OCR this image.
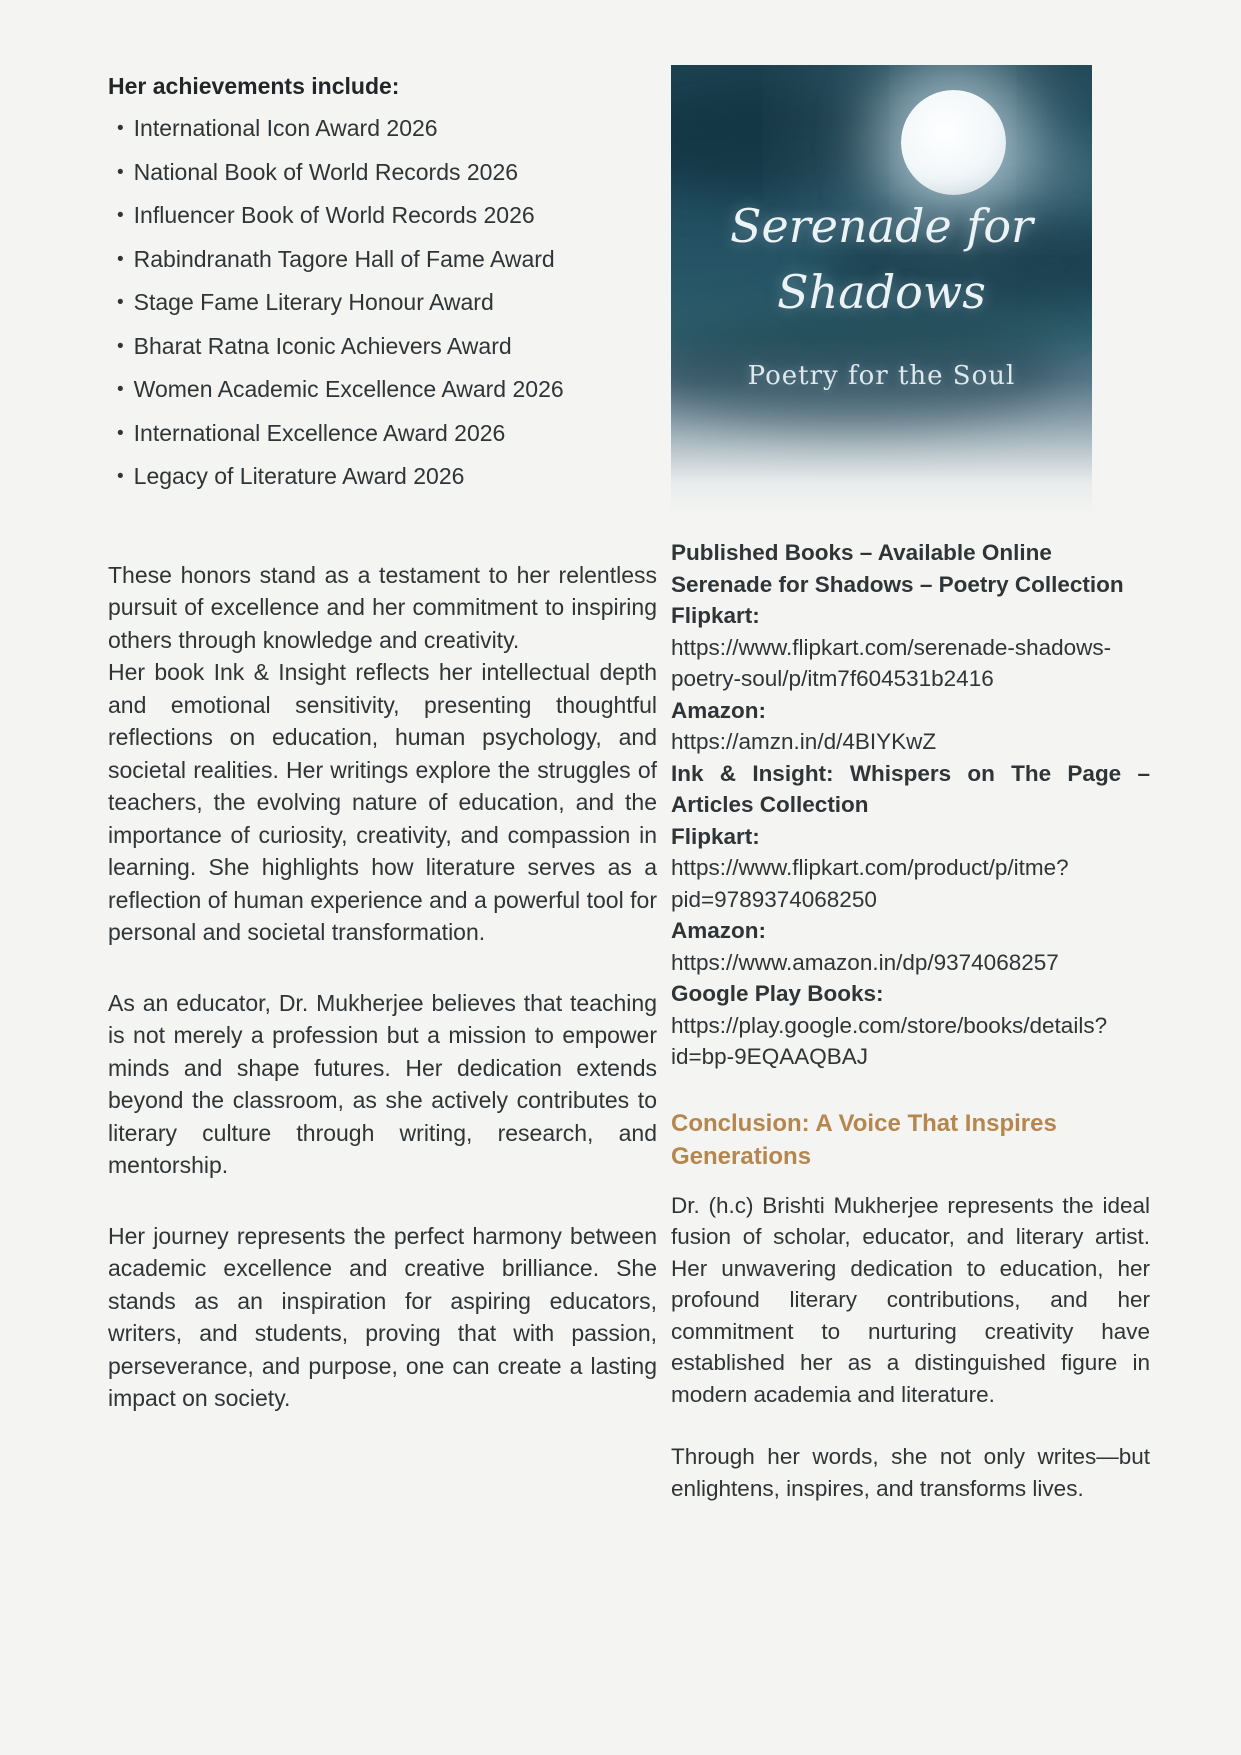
Her achievements include:
• International Icon Award 2026
• National Book of World Records 2026
• Influencer Book of World Records 2026
• Rabindranath Tagore Hall of Fame Award
• Stage Fame Literary Honour Award
• Bharat Ratna Iconic Achievers Award
• Women Academic Excellence Award 2026
• International Excellence Award 2026
• Legacy of Literature Award 2026

These honors stand as a testament to her relentless pursuit of excellence and her commitment to inspiring others through knowledge and creativity.

Her book Ink & Insight reflects her intellectual depth and emotional sensitivity, presenting thoughtful reflections on education, human psychology, and societal realities. Her writings explore the struggles of teachers, the evolving nature of education, and the importance of curiosity, creativity, and compassion in learning. She highlights how literature serves as a reflection of human experience and a powerful tool for personal and societal transformation.

As an educator, Dr. Mukherjee believes that teaching is not merely a profession but a mission to empower minds and shape futures. Her dedication extends beyond the classroom, as she actively contributes to literary culture through writing, research, and mentorship.

Her journey represents the perfect harmony between academic excellence and creative brilliance. She stands as an inspiration for aspiring educators, writers, and students, proving that with passion, perseverance, and purpose, one can create a lasting impact on society.

Serenade for
Shadows
Poetry for the Soul

Published Books – Available Online

Serenade for Shadows – Poetry Collection

Flipkart:

https://www.flipkart.com/serenade-shadows-poetry-soul/p/itm7f604531b2416

Amazon:

https://amzn.in/d/4BIYKwZ

Ink & Insight: Whispers on The Page – Articles Collection

Flipkart:

https://www.flipkart.com/product/p/itme?pid=9789374068250

Amazon:

https://www.amazon.in/dp/9374068257

Google Play Books:

https://play.google.com/store/books/details?id=bp-9EQAAQBAJ

Conclusion: A Voice That Inspires Generations

Dr. (h.c) Brishti Mukherjee represents the ideal fusion of scholar, educator, and literary artist. Her unwavering dedication to education, her profound literary contributions, and her commitment to nurturing creativity have established her as a distinguished figure in modern academia and literature.

Through her words, she not only writes—but enlightens, inspires, and transforms lives.
